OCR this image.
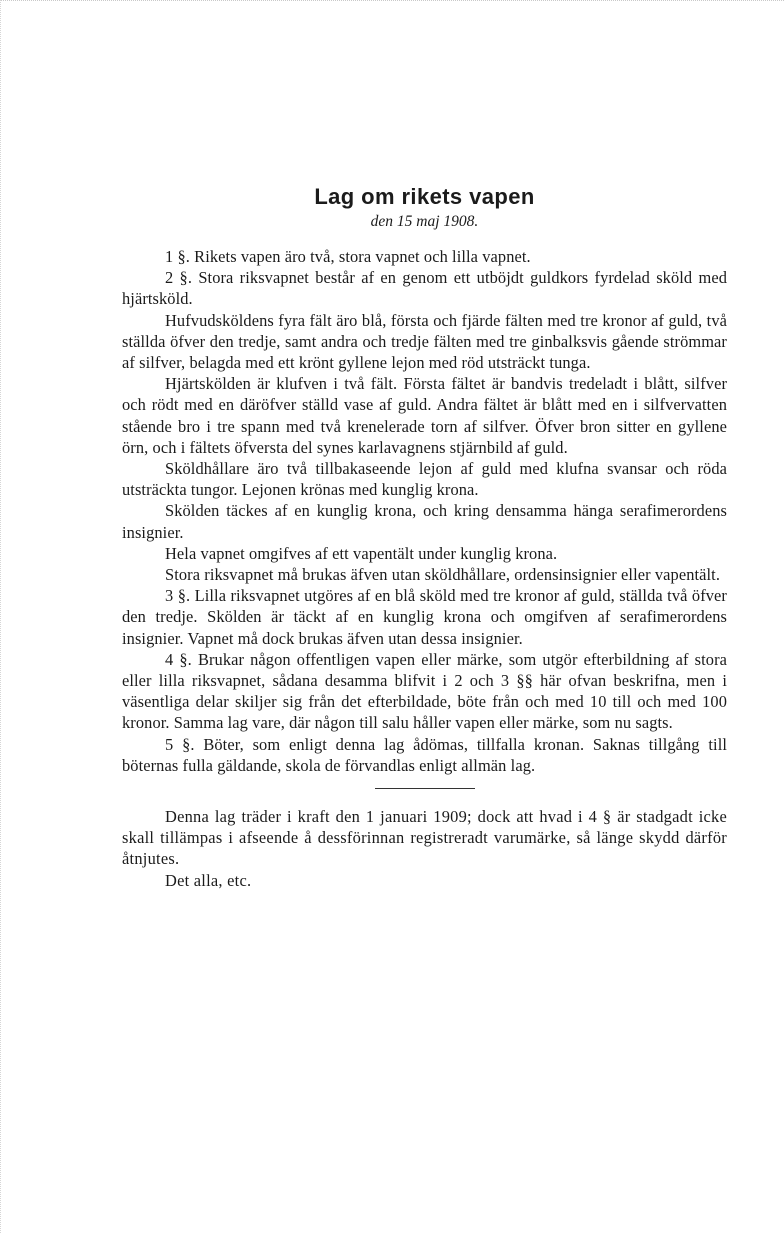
Lag om rikets vapen

den 15 maj 1908.

1 §. Rikets vapen äro två, stora vapnet och lilla vapnet.

2 §. Stora riksvapnet består af en genom ett utböjdt guldkors fyrdelad sköld med hjärtsköld.

Hufvudsköldens fyra fält äro blå, första och fjärde fälten med tre kronor af guld, två ställda öfver den tredje, samt andra och tredje fälten med tre ginbalksvis gående strömmar af silfver, belagda med ett krönt gyllene lejon med röd utsträckt tunga.

Hjärtskölden är klufven i två fält. Första fältet är bandvis tredeladt i blått, silfver och rödt med en däröfver ställd vase af guld. Andra fältet är blått med en i silfvervatten stående bro i tre spann med två krenelerade torn af silfver. Öfver bron sitter en gyllene örn, och i fältets öfversta del synes karlavagnens stjärnbild af guld.

Sköldhållare äro två tillbakaseende lejon af guld med klufna svansar och röda utsträckta tungor. Lejonen krönas med kunglig krona.

Skölden täckes af en kunglig krona, och kring densamma hänga serafimerordens insignier.

Hela vapnet omgifves af ett vapentält under kunglig krona.

Stora riksvapnet må brukas äfven utan sköldhållare, ordensinsignier eller vapentält.

3 §. Lilla riksvapnet utgöres af en blå sköld med tre kronor af guld, ställda två öfver den tredje. Skölden är täckt af en kunglig krona och omgifven af serafimerordens insignier. Vapnet må dock brukas äfven utan dessa insignier.

4 §. Brukar någon offentligen vapen eller märke, som utgör efterbildning af stora eller lilla riksvapnet, sådana desamma blifvit i 2 och 3 §§ här ofvan beskrifna, men i väsentliga delar skiljer sig från det efterbildade, böte från och med 10 till och med 100 kronor. Samma lag vare, där någon till salu håller vapen eller märke, som nu sagts.

5 §. Böter, som enligt denna lag ådömas, tillfalla kronan. Saknas tillgång till böternas fulla gäldande, skola de förvandlas enligt allmän lag.

Denna lag träder i kraft den 1 januari 1909; dock att hvad i 4 § är stadgadt icke skall tillämpas i afseende å dessförinnan registreradt varumärke, så länge skydd därför åtnjutes.

Det alla, etc.
